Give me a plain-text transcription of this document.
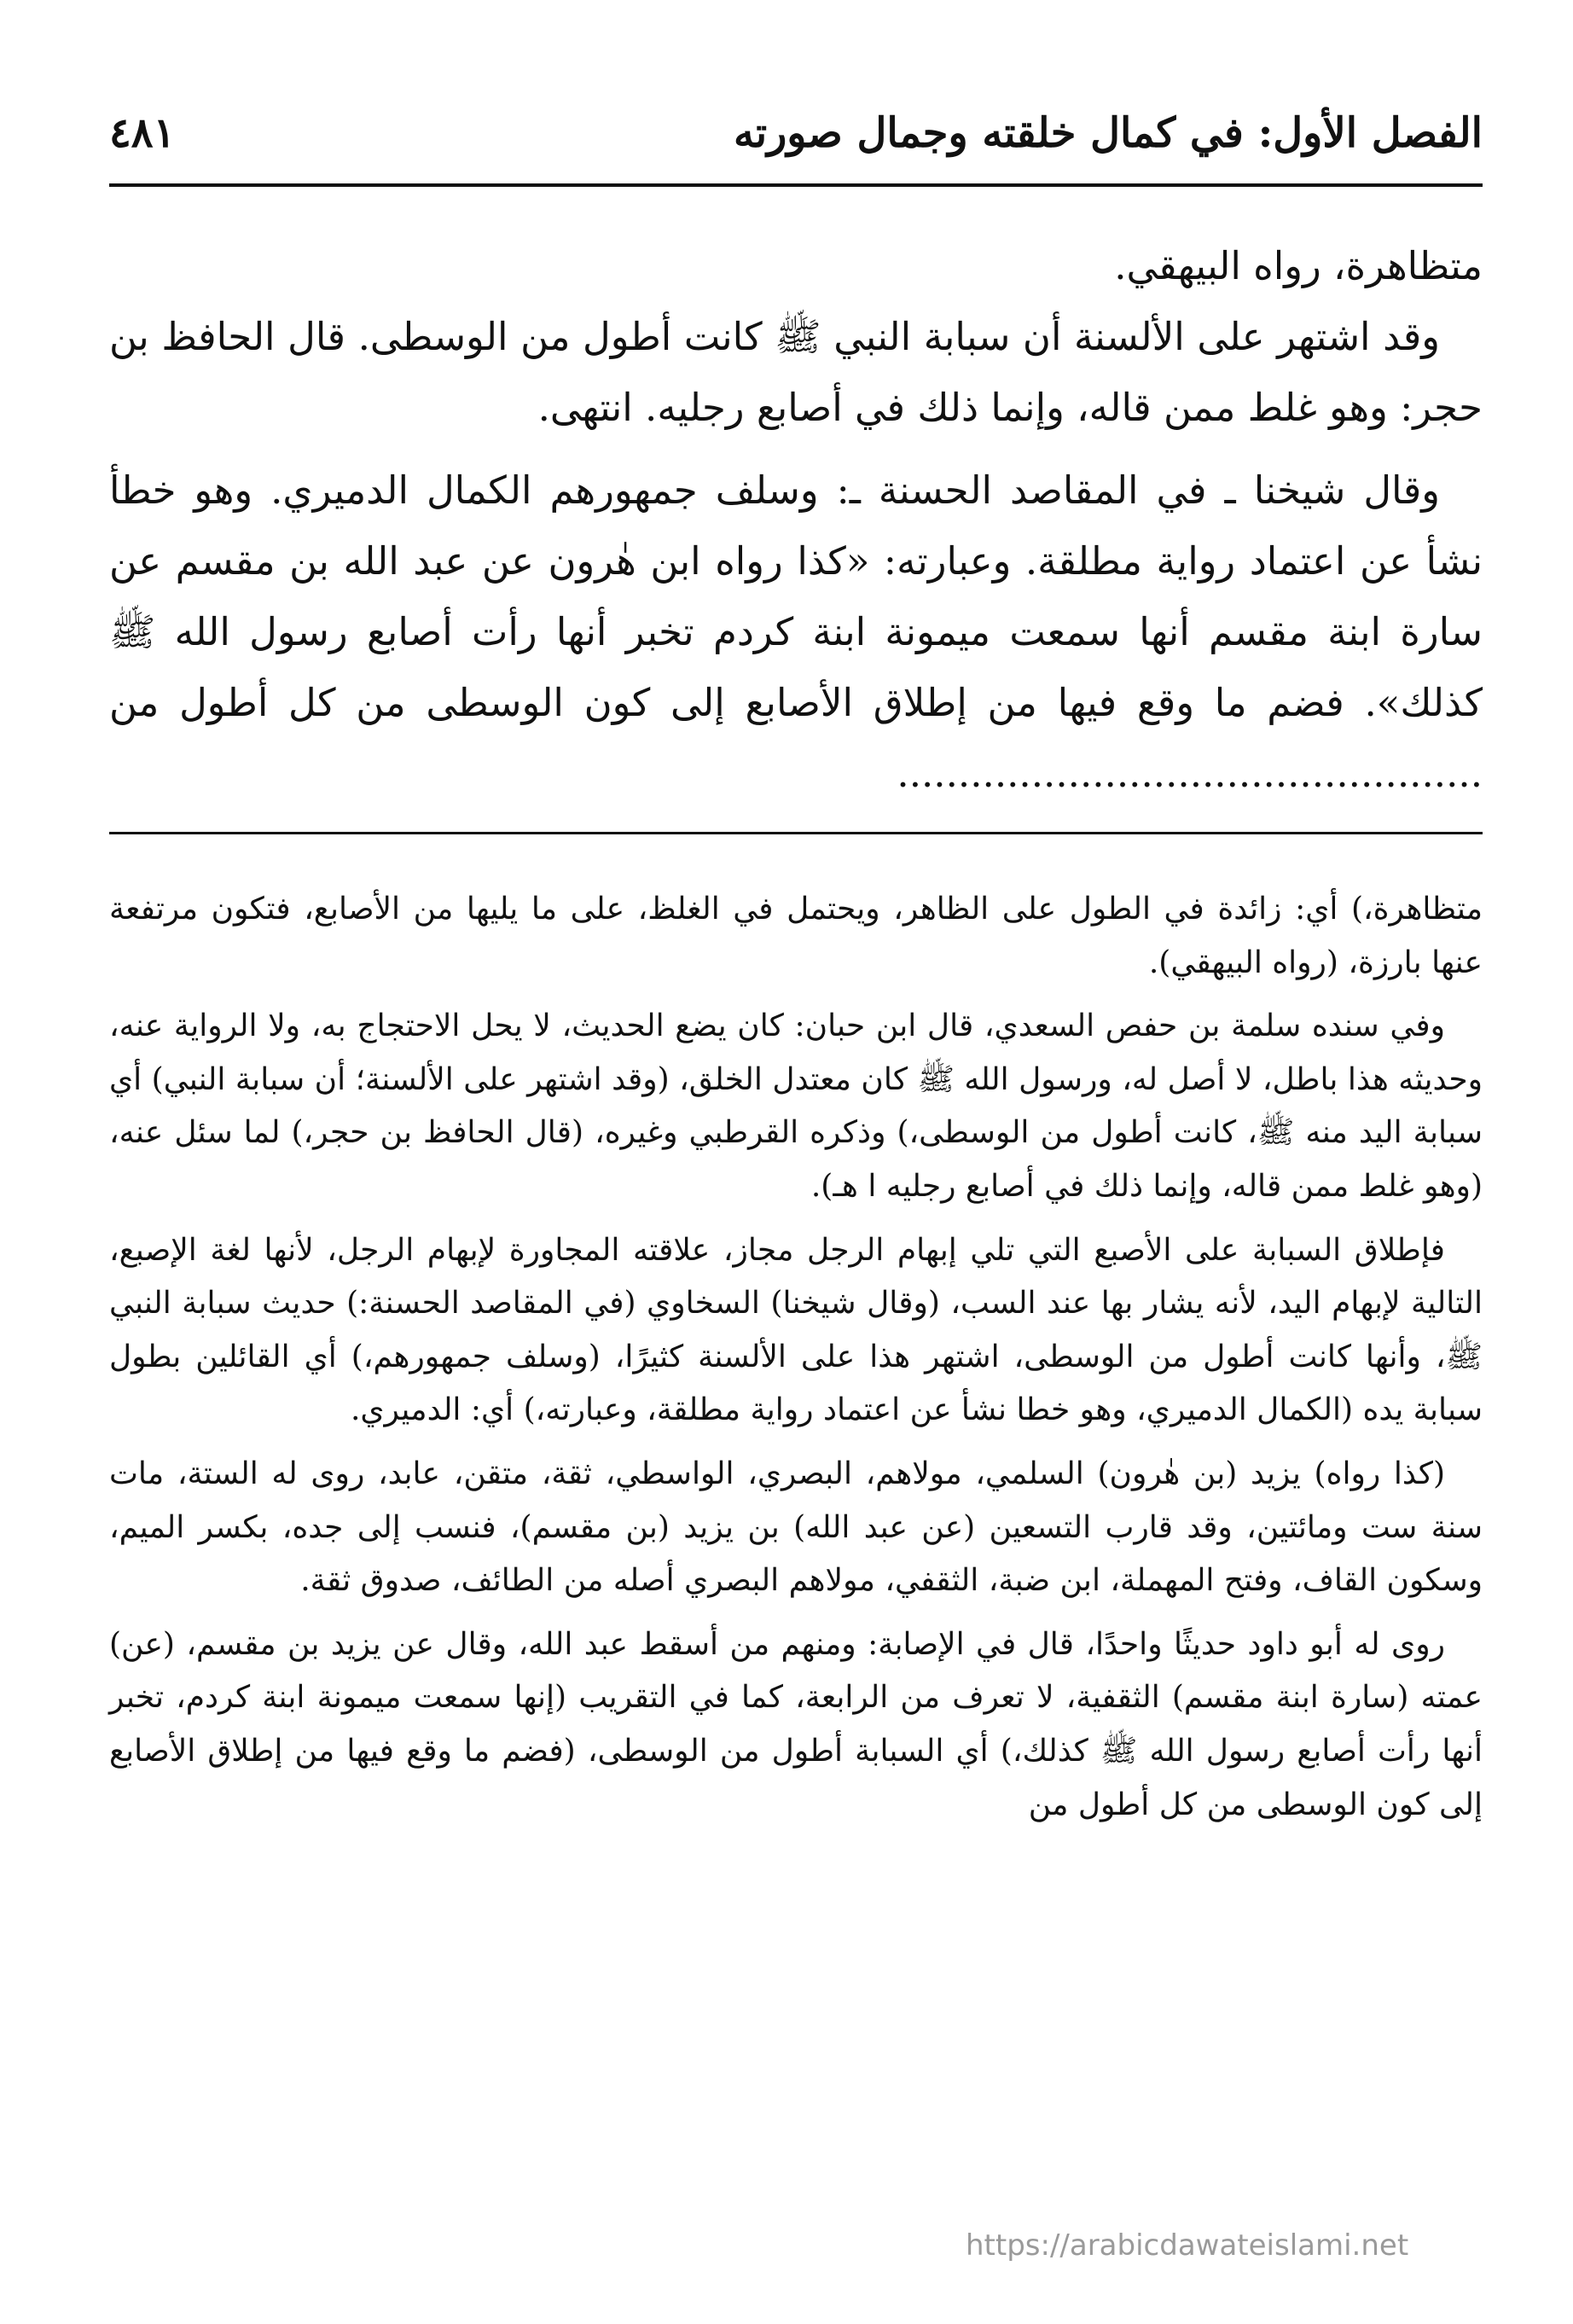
الفصل الأول: في كمال خلقته وجمال صورته
٤٨١

متظاهرة، رواه البيهقي.

وقد اشتهر على الألسنة أن سبابة النبي ﷺ كانت أطول من الوسطى. قال الحافظ بن حجر: وهو غلط ممن قاله، وإنما ذلك في أصابع رجليه. انتهى.

وقال شيخنا ـ في المقاصد الحسنة ـ: وسلف جمهورهم الكمال الدميري. وهو خطأ نشأ عن اعتماد رواية مطلقة. وعبارته: «كذا رواه ابن هٰرون عن عبد الله بن مقسم عن سارة ابنة مقسم أنها سمعت ميمونة ابنة كردم تخبر أنها رأت أصابع رسول الله ﷺ كذلك». فضم ما وقع فيها من إطلاق الأصابع إلى كون الوسطى من كل أطول من ................................................

متظاهرة،) أي: زائدة في الطول على الظاهر، ويحتمل في الغلظ، على ما يليها من الأصابع، فتكون مرتفعة عنها بارزة، (رواه البيهقي).

وفي سنده سلمة بن حفص السعدي، قال ابن حبان: كان يضع الحديث، لا يحل الاحتجاج به، ولا الرواية عنه، وحديثه هذا باطل، لا أصل له، ورسول الله ﷺ كان معتدل الخلق، (وقد اشتهر على الألسنة؛ أن سبابة النبي) أي سبابة اليد منه ﷺ، كانت أطول من الوسطى،) وذكره القرطبي وغيره، (قال الحافظ بن حجر،) لما سئل عنه، (وهو غلط ممن قاله، وإنما ذلك في أصابع رجليه ا هـ).

فإطلاق السبابة على الأصبع التي تلي إبهام الرجل مجاز، علاقته المجاورة لإبهام الرجل، لأنها لغة الإصبع، التالية لإبهام اليد، لأنه يشار بها عند السب، (وقال شيخنا) السخاوي (في المقاصد الحسنة:) حديث سبابة النبي ﷺ، وأنها كانت أطول من الوسطى، اشتهر هذا على الألسنة كثيرًا، (وسلف جمهورهم،) أي القائلين بطول سبابة يده (الكمال الدميري، وهو خطا نشأ عن اعتماد رواية مطلقة، وعبارته،) أي: الدميري.

(كذا رواه) يزيد (بن هٰرون) السلمي، مولاهم، البصري، الواسطي، ثقة، متقن، عابد، روى له الستة، مات سنة ست ومائتين، وقد قارب التسعين (عن عبد الله) بن يزيد (بن مقسم)، فنسب إلى جده، بكسر الميم، وسكون القاف، وفتح المهملة، ابن ضبة، الثقفي، مولاهم البصري أصله من الطائف، صدوق ثقة.

روى له أبو داود حديثًا واحدًا، قال في الإصابة: ومنهم من أسقط عبد الله، وقال عن يزيد بن مقسم، (عن) عمته (سارة ابنة مقسم) الثقفية، لا تعرف من الرابعة، كما في التقريب (إنها سمعت ميمونة ابنة كردم، تخبر أنها رأت أصابع رسول الله ﷺ كذلك،) أي السبابة أطول من الوسطى، (فضم ما وقع فيها من إطلاق الأصابع إلى كون الوسطى من كل أطول من

https://arabicdawateislami.net
